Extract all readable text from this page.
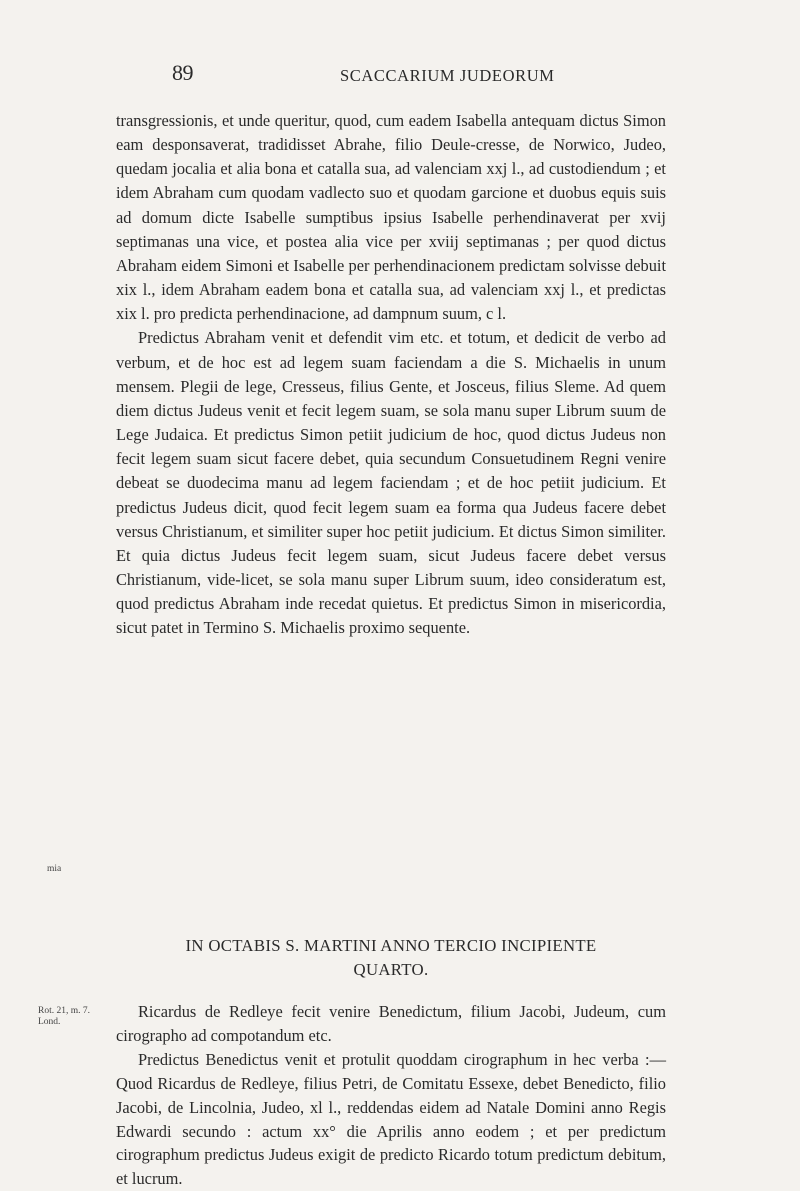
89	SCACCARIUM JUDEORUM

transgressionis, et unde queritur, quod, cum eadem Isabella antequam dictus Simon eam desponsaverat, tradidisset Abrahe, filio Deule-cresse, de Norwico, Judeo, quedam jocalia et alia bona et catalla sua, ad valenciam xxj l., ad custodiendum ; et idem Abraham cum quodam vadlecto suo et quodam garcione et duobus equis suis ad domum dicte Isabelle sumptibus ipsius Isabelle perhendinaverat per xvij septimanas una vice, et postea alia vice per xviij septimanas ; per quod dictus Abraham eidem Simoni et Isabelle per perhendinacionem predictam solvisse debuit xix l., idem Abraham eadem bona et catalla sua, ad valenciam xxj l., et predictas xix l. pro predicta perhendinacione, ad dampnum suum, c l.

Predictus Abraham venit et defendit vim etc. et totum, et dedicit de verbo ad verbum, et de hoc est ad legem suam faciendam a die S. Michaelis in unum mensem. Plegii de lege, Cresseus, filius Gente, et Josceus, filius Sleme. Ad quem diem dictus Judeus venit et fecit legem suam, se sola manu super Librum suum de Lege Judaica. Et predictus Simon petiit judicium de hoc, quod dictus Judeus non fecit legem suam sicut facere debet, quia secundum Consuetudinem Regni venire debeat se duodecima manu ad legem faciendam ; et de hoc petiit judicium. Et predictus Judeus dicit, quod fecit legem suam ea forma qua Judeus facere debet versus Christianum, et similiter super hoc petiit judicium. Et dictus Simon similiter. Et quia dictus Judeus fecit legem suam, sicut Judeus facere debet versus Christianum, vide-licet, se sola manu super Librum suum, ideo consideratum est, quod predictus Abraham inde recedat quietus. Et predictus Simon in misericordia, sicut patet in Termino S. Michaelis proximo sequente.

mia
IN OCTABIS S. MARTINI ANNO TERCIO INCIPIENTE
QUARTO.
Rot. 21, m. 7.
Lond.

Ricardus de Redleye fecit venire Benedictum, filium Jacobi, Judeum, cum cirographo ad compotandum etc.

Predictus Benedictus venit et protulit quoddam cirographum in hec verba :—Quod Ricardus de Redleye, filius Petri, de Comitatu Essexe, debet Benedicto, filio Jacobi, de Lincolnia, Judeo, xl l., reddendas eidem ad Natale Domini anno Regis Edwardi secundo : actum xx° die Aprilis anno eodem ; et per predictum cirographum predictus Judeus exigit de predicto Ricardo totum predictum debitum, et lucrum.
